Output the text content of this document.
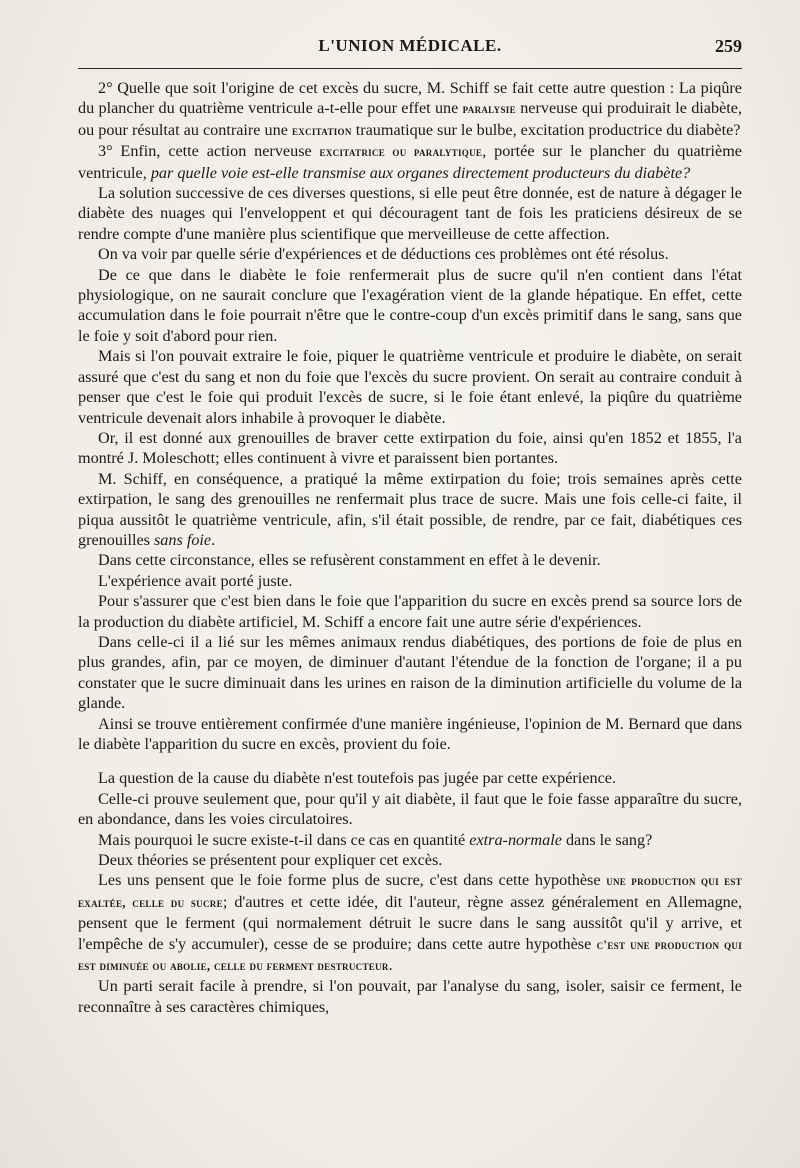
L'UNION MÉDICALE.	259

2° Quelle que soit l'origine de cet excès du sucre, M. Schiff se fait cette autre question : La piqûre du plancher du quatrième ventricule a-t-elle pour effet une paralysie nerveuse qui produirait le diabète, ou pour résultat au contraire une excitation traumatique sur le bulbe, excitation productrice du diabète?

3° Enfin, cette action nerveuse excitatrice ou paralytique, portée sur le plancher du quatrième ventricule, par quelle voie est-elle transmise aux organes directement producteurs du diabète?

La solution successive de ces diverses questions, si elle peut être donnée, est de nature à dégager le diabète des nuages qui l'enveloppent et qui découragent tant de fois les praticiens désireux de se rendre compte d'une manière plus scientifique que merveilleuse de cette affection.

On va voir par quelle série d'expériences et de déductions ces problèmes ont été résolus.

De ce que dans le diabète le foie renfermerait plus de sucre qu'il n'en contient dans l'état physiologique, on ne saurait conclure que l'exagération vient de la glande hépatique. En effet, cette accumulation dans le foie pourrait n'être que le contre-coup d'un excès primitif dans le sang, sans que le foie y soit d'abord pour rien.

Mais si l'on pouvait extraire le foie, piquer le quatrième ventricule et produire le diabète, on serait assuré que c'est du sang et non du foie que l'excès du sucre provient. On serait au contraire conduit à penser que c'est le foie qui produit l'excès de sucre, si le foie étant enlevé, la piqûre du quatrième ventricule devenait alors inhabile à provoquer le diabète.

Or, il est donné aux grenouilles de braver cette extirpation du foie, ainsi qu'en 1852 et 1855, l'a montré J. Moleschott; elles continuent à vivre et paraissent bien portantes.

M. Schiff, en conséquence, a pratiqué la même extirpation du foie; trois semaines après cette extirpation, le sang des grenouilles ne renfermait plus trace de sucre. Mais une fois celle-ci faite, il piqua aussitôt le quatrième ventricule, afin, s'il était possible, de rendre, par ce fait, diabétiques ces grenouilles sans foie.

Dans cette circonstance, elles se refusèrent constamment en effet à le devenir.

L'expérience avait porté juste.

Pour s'assurer que c'est bien dans le foie que l'apparition du sucre en excès prend sa source lors de la production du diabète artificiel, M. Schiff a encore fait une autre série d'expériences.

Dans celle-ci il a lié sur les mêmes animaux rendus diabétiques, des portions de foie de plus en plus grandes, afin, par ce moyen, de diminuer d'autant l'étendue de la fonction de l'organe; il a pu constater que le sucre diminuait dans les urines en raison de la diminution artificielle du volume de la glande.

Ainsi se trouve entièrement confirmée d'une manière ingénieuse, l'opinion de M. Bernard que dans le diabète l'apparition du sucre en excès, provient du foie.

La question de la cause du diabète n'est toutefois pas jugée par cette expérience.

Celle-ci prouve seulement que, pour qu'il y ait diabète, il faut que le foie fasse apparaître du sucre, en abondance, dans les voies circulatoires.

Mais pourquoi le sucre existe-t-il dans ce cas en quantité extra-normale dans le sang?

Deux théories se présentent pour expliquer cet excès.

Les uns pensent que le foie forme plus de sucre, c'est dans cette hypothèse une production qui est exaltée, celle du sucre; d'autres et cette idée, dit l'auteur, règne assez généralement en Allemagne, pensent que le ferment (qui normalement détruit le sucre dans le sang aussitôt qu'il y arrive, et l'empêche de s'y accumuler), cesse de se produire; dans cette autre hypothèse c'est une production qui est diminuée ou abolie, celle du ferment destructeur.

Un parti serait facile à prendre, si l'on pouvait, par l'analyse du sang, isoler, saisir ce ferment, le reconnaître à ses caractères chimiques,
